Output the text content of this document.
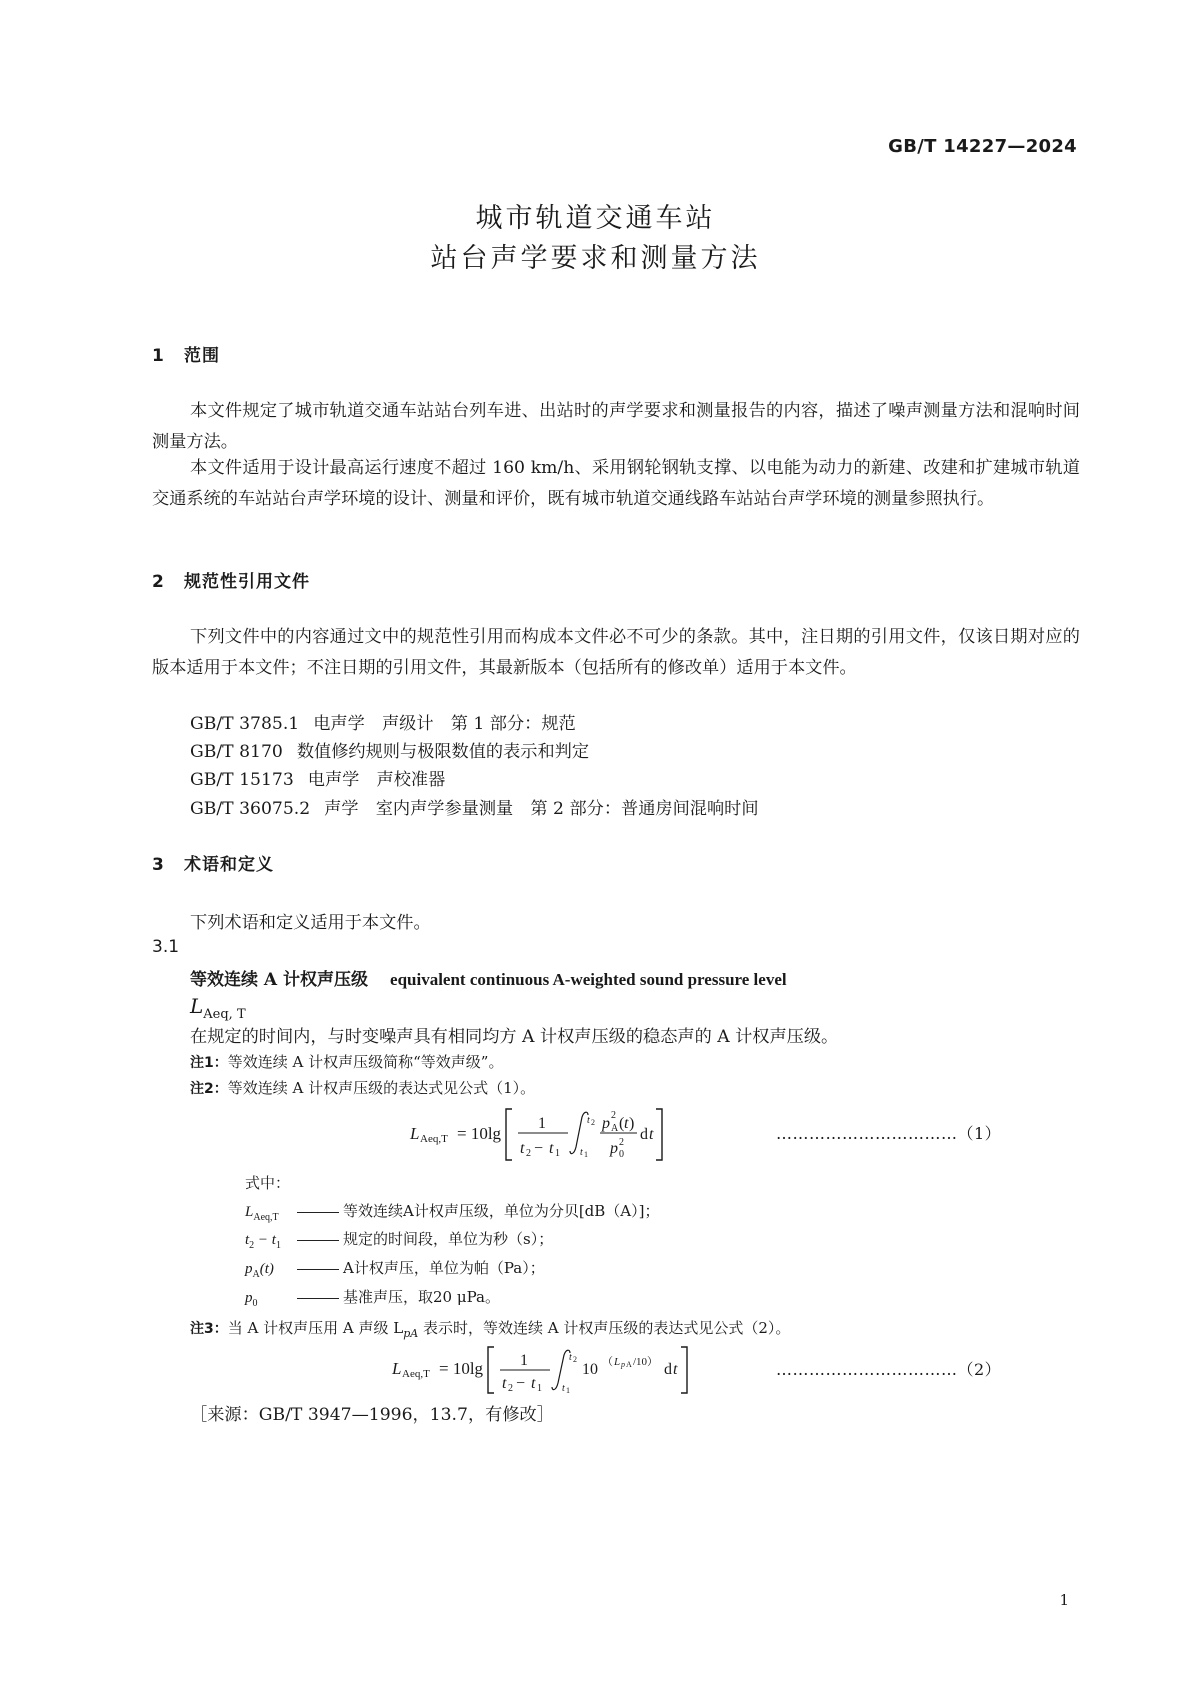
GB/T 14227—2024
城市轨道交通车站
站台声学要求和测量方法
1 范围
本文件规定了城市轨道交通车站站台列车进、出站时的声学要求和测量报告的内容，描述了噪声测量方法和混响时间测量方法。
本文件适用于设计最高运行速度不超过 160 km/h、采用钢轮钢轨支撑、以电能为动力的新建、改建和扩建城市轨道交通系统的车站站台声学环境的设计、测量和评价，既有城市轨道交通线路车站站台声学环境的测量参照执行。
2 规范性引用文件
下列文件中的内容通过文中的规范性引用而构成本文件必不可少的条款。其中，注日期的引用文件，仅该日期对应的版本适用于本文件；不注日期的引用文件，其最新版本（包括所有的修改单）适用于本文件。
GB/T 3785.1 电声学　声级计　第 1 部分：规范
GB/T 8170 数值修约规则与极限数值的表示和判定
GB/T 15173 电声学　声校准器
GB/T 36075.2 声学　室内声学参量测量　第 2 部分：普通房间混响时间
3 术语和定义
下列术语和定义适用于本文件。
3.1
等效连续 A 计权声压级 equivalent continuous A-weighted sound pressure level
$L_{Aeq, T}$
在规定的时间内，与时变噪声具有相同均方 A 计权声压级的稳态声的 A 计权声压级。
注1：等效连续 A 计权声压级简称“等效声级”。
注2：等效连续 A 计权声压级的表达式见公式（1）。
L Aeq,T = 10lg
1
t 2 − t 1
t 2
t 1
p 2
A ( t )
p 2
0
d t	……………………………（1）
式中：
$L_{Aeq,T}$	等效连续A计权声压级，单位为分贝[dB（A）]；
$t_2 - t_1$	规定的时间段，单位为秒（s）；
$p_A(t)$	A计权声压，单位为帕（Pa）；
$p_0$	基准声压，取20 μPa。
注3：当 A 计权声压用 A 声级 $L_{pA}$ 表示时，等效连续 A 计权声压级的表达式见公式（2）。
L Aeq,T = 10lg 1
t 2 − t 1
t 2
t 1
10 （ L p A /10） d t	……………………………（2）
［来源：GB/T 3947—1996，13.7，有修改］
1
